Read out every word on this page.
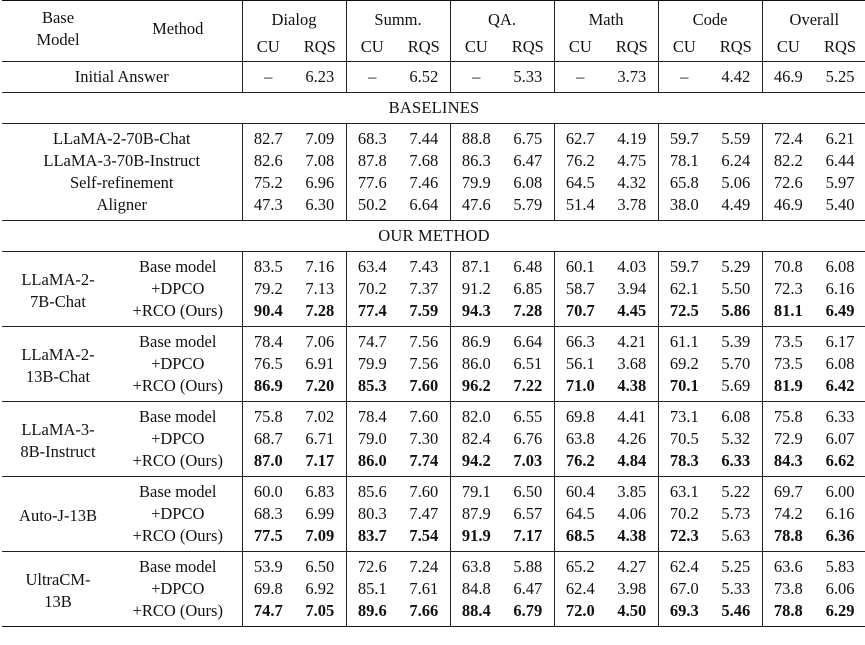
Base
Model	Method	Dialog		Summ.		QA.		Math		Code		Overall	
		CU	RQS	CU	RQS	CU	RQS	CU	RQS	CU	RQS	CU	RQS
Initial Answer		–	6.23	–	6.52	–	5.33	–	3.73	–	4.42	46.9	5.25
BASELINES													
LLaMA-2-70B-Chat		82.7	7.09	68.3	7.44	88.8	6.75	62.7	4.19	59.7	5.59	72.4	6.21
LLaMA-3-70B-Instruct		82.6	7.08	87.8	7.68	86.3	6.47	76.2	4.75	78.1	6.24	82.2	6.44
Self-refinement		75.2	6.96	77.6	7.46	79.9	6.08	64.5	4.32	65.8	5.06	72.6	5.97
Aligner		47.3	6.30	50.2	6.64	47.6	5.79	51.4	3.78	38.0	4.49	46.9	5.40
OUR METHOD													

LLaMA-2-
7B-Chat	Base model	83.5	7.16	63.4	7.43	87.1	6.48	60.1	4.03	59.7	5.29	70.8	6.08
	+DPCO	79.2	7.13	70.2	7.37	91.2	6.85	58.7	3.94	62.1	5.50	72.3	6.16
	+RCO (Ours)	90.4	7.28	77.4	7.59	94.3	7.28	70.7	4.45	72.5	5.86	81.1	6.49

LLaMA-2-
13B-Chat	Base model	78.4	7.06	74.7	7.56	86.9	6.64	66.3	4.21	61.1	5.39	73.5	6.17
	+DPCO	76.5	6.91	79.9	7.56	86.0	6.51	56.1	3.68	69.2	5.70	73.5	6.08
	+RCO (Ours)	86.9	7.20	85.3	7.60	96.2	7.22	71.0	4.38	70.1	5.69	81.9	6.42

LLaMA-3-
8B-Instruct	Base model	75.8	7.02	78.4	7.60	82.0	6.55	69.8	4.41	73.1	6.08	75.8	6.33
	+DPCO	68.7	6.71	79.0	7.30	82.4	6.76	63.8	4.26	70.5	5.32	72.9	6.07
	+RCO (Ours)	87.0	7.17	86.0	7.74	94.2	7.03	76.2	4.84	78.3	6.33	84.3	6.62

Auto-J-13B	Base model	60.0	6.83	85.6	7.60	79.1	6.50	60.4	3.85	63.1	5.22	69.7	6.00
	+DPCO	68.3	6.99	80.3	7.47	87.9	6.57	64.5	4.06	70.2	5.73	74.2	6.16
	+RCO (Ours)	77.5	7.09	83.7	7.54	91.9	7.17	68.5	4.38	72.3	5.63	78.8	6.36

UltraCM-
13B	Base model	53.9	6.50	72.6	7.24	63.8	5.88	65.2	4.27	62.4	5.25	63.6	5.83
	+DPCO	69.8	6.92	85.1	7.61	84.8	6.47	62.4	3.98	67.0	5.33	73.8	6.06
	+RCO (Ours)	74.7	7.05	89.6	7.66	88.4	6.79	72.0	4.50	69.3	5.46	78.8	6.29
